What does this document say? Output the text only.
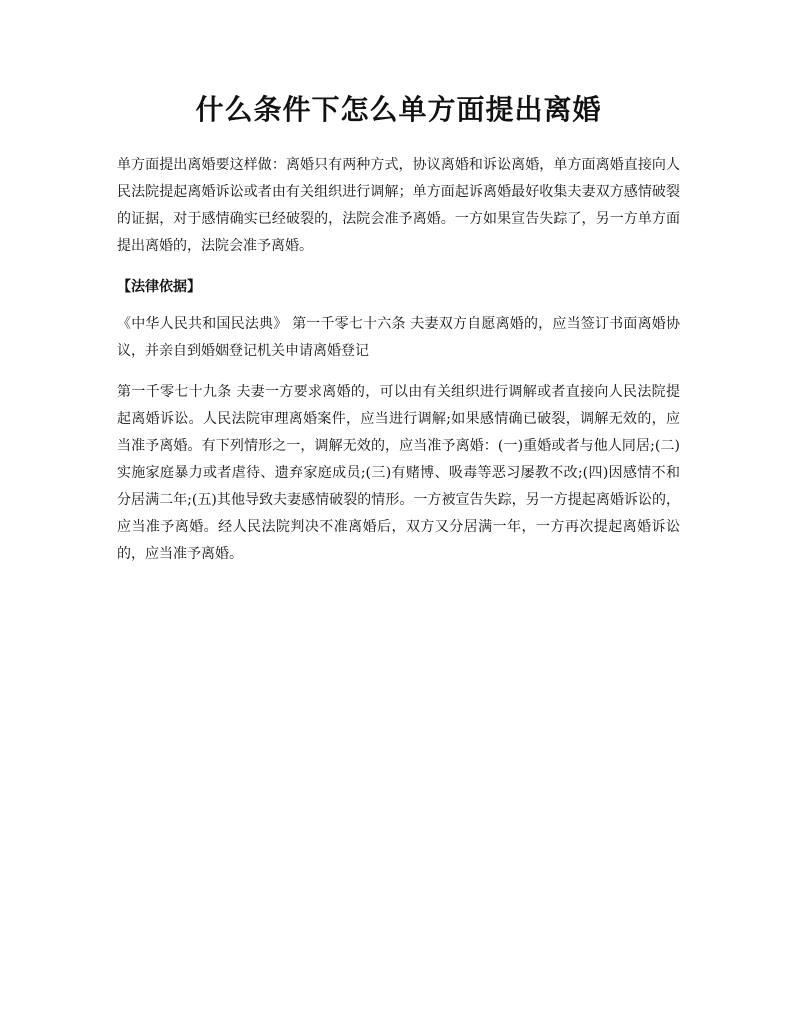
什么条件下怎么单方面提出离婚

单方面提出离婚要这样做：离婚只有两种方式，协议离婚和诉讼离婚，单方面离婚直接向人民法院提起离婚诉讼或者由有关组织进行调解；单方面起诉离婚最好收集夫妻双方感情破裂的证据，对于感情确实已经破裂的，法院会准予离婚。一方如果宣告失踪了，另一方单方面提出离婚的，法院会准予离婚。

【法律依据】

《中华人民共和国民法典》 第一千零七十六条 夫妻双方自愿离婚的，应当签订书面离婚协议，并亲自到婚姻登记机关申请离婚登记

第一千零七十九条 夫妻一方要求离婚的，可以由有关组织进行调解或者直接向人民法院提起离婚诉讼。人民法院审理离婚案件，应当进行调解;如果感情确已破裂，调解无效的，应当准予离婚。有下列情形之一，调解无效的，应当准予离婚：(一)重婚或者与他人同居;(二)实施家庭暴力或者虐待、遗弃家庭成员;(三)有赌博、吸毒等恶习屡教不改;(四)因感情不和分居满二年;(五)其他导致夫妻感情破裂的情形。一方被宣告失踪，另一方提起离婚诉讼的，应当准予离婚。经人民法院判决不准离婚后，双方又分居满一年，一方再次提起离婚诉讼的，应当准予离婚。
